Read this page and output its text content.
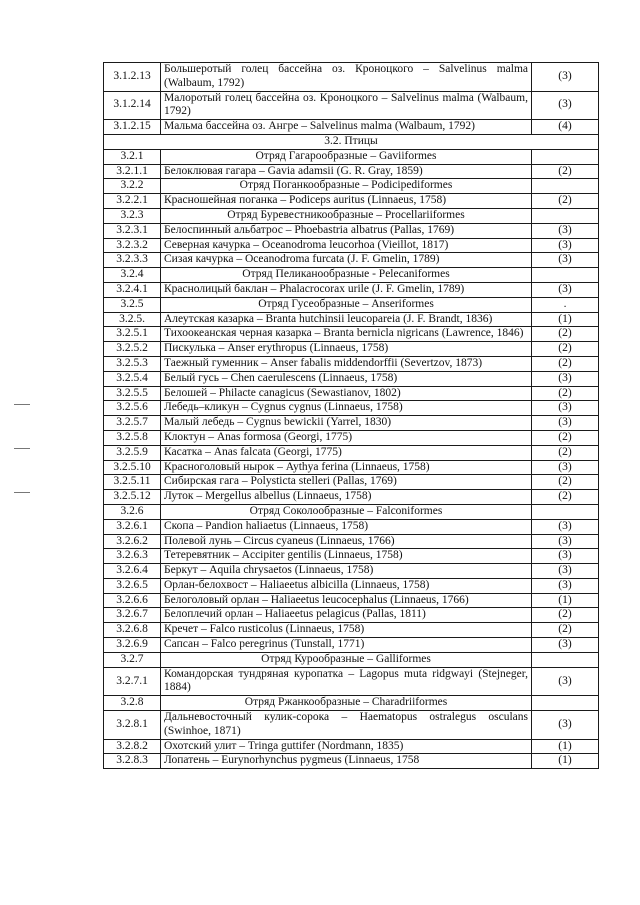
3.1.2.13	Большеротый голец бассейна оз. Кроноцкого – Salvelinus malma (Walbaum, 1792)	(3)
3.1.2.14	Малоротый голец бассейна оз. Кроноцкого – Salvelinus malma (Walbaum, 1792)	(3)
3.1.2.15	Мальма бассейна оз. Ангре – Salvelinus malma (Walbaum, 1792)	(4)
3.2. Птицы		
3.2.1	Отряд Гагарообразные – Gaviiformes	
3.2.1.1	Белоклювая гагара – Gavia adamsii (G. R. Gray, 1859)	(2)
3.2.2	Отряд Поганкообразные – Podicipediformes	
3.2.2.1	Красношейная поганка – Podiceps auritus (Linnaeus, 1758)	(2)
3.2.3	Отряд Буревестникообразные – Procellariiformes	
3.2.3.1	Белоспинный альбатрос – Phoebastria albatrus (Pallas, 1769)	(3)
3.2.3.2	Северная качурка – Oceanodroma leucorhoa (Vieillot, 1817)	(3)
3.2.3.3	Сизая качурка – Oceanodroma furcata (J. F. Gmelin, 1789)	(3)
3.2.4	Отряд Пеликанообразные - Pelecaniformes	
3.2.4.1	Краснолицый баклан – Phalacrocorax urile (J. F. Gmelin, 1789)	(3)
3.2.5	Отряд Гусеобразные – Anseriformes	.
3.2.5.	Алеутская казарка – Branta hutchinsii leucopareia (J. F. Brandt, 1836)	(1)
3.2.5.1	Тихоокеанская черная казарка – Branta bernicla nigricans (Lawrence, 1846)	(2)
3.2.5.2	Пискулька – Anser erythropus (Linnaeus, 1758)	(2)
3.2.5.3	Таежный гуменник – Anser fabalis middendorffii (Severtzov, 1873)	(2)
3.2.5.4	Белый гусь – Chen caerulescens (Linnaeus, 1758)	(3)
3.2.5.5	Белошей – Philacte canagicus (Sewastianov, 1802)	(2)
3.2.5.6	Лебедь–кликун – Cygnus cygnus (Linnaeus, 1758)	(3)
3.2.5.7	Малый лебедь – Cygnus bewickii (Yarrel, 1830)	(3)
3.2.5.8	Клоктун – Anas formosa (Georgi, 1775)	(2)
3.2.5.9	Касатка – Anas falcata (Georgi, 1775)	(2)
3.2.5.10	Красноголовый нырок – Aythya ferina (Linnaeus, 1758)	(3)
3.2.5.11	Сибирская гага – Polysticta stelleri (Pallas, 1769)	(2)
3.2.5.12	Луток – Mergellus albellus (Linnaeus, 1758)	(2)
3.2.6	Отряд Соколообразные – Falconiformes	
3.2.6.1	Скопа – Pandion haliaetus (Linnaeus, 1758)	(3)
3.2.6.2	Полевой лунь – Circus cyaneus (Linnaeus, 1766)	(3)
3.2.6.3	Тетеревятник – Accipiter gentilis (Linnaeus, 1758)	(3)
3.2.6.4	Беркут – Aquila chrysaetos (Linnaeus, 1758)	(3)
3.2.6.5	Орлан-белохвост – Haliaeetus albicilla (Linnaeus, 1758)	(3)
3.2.6.6	Белоголовый орлан – Haliaeetus leucocephalus (Linnaeus, 1766)	(1)
3.2.6.7	Белоплечий орлан – Haliaeetus pelagicus (Pallas, 1811)	(2)
3.2.6.8	Кречет – Falco rusticolus (Linnaeus, 1758)	(2)
3.2.6.9	Сапсан – Falco peregrinus (Tunstall, 1771)	(3)
3.2.7	Отряд Курообразные – Galliformes	
3.2.7.1	Командорская тундряная куропатка – Lagopus muta ridgwayi (Stejneger, 1884)	(3)
3.2.8	Отряд Ржанкообразные – Charadriiformes	
3.2.8.1	Дальневосточный кулик-сорока – Haematopus ostralegus osculans (Swinhoe, 1871)	(3)
3.2.8.2	Охотский улит – Tringa guttifer (Nordmann, 1835)	(1)
3.2.8.3	Лопатень – Eurynorhynchus pygmeus (Linnaeus, 1758	(1)
